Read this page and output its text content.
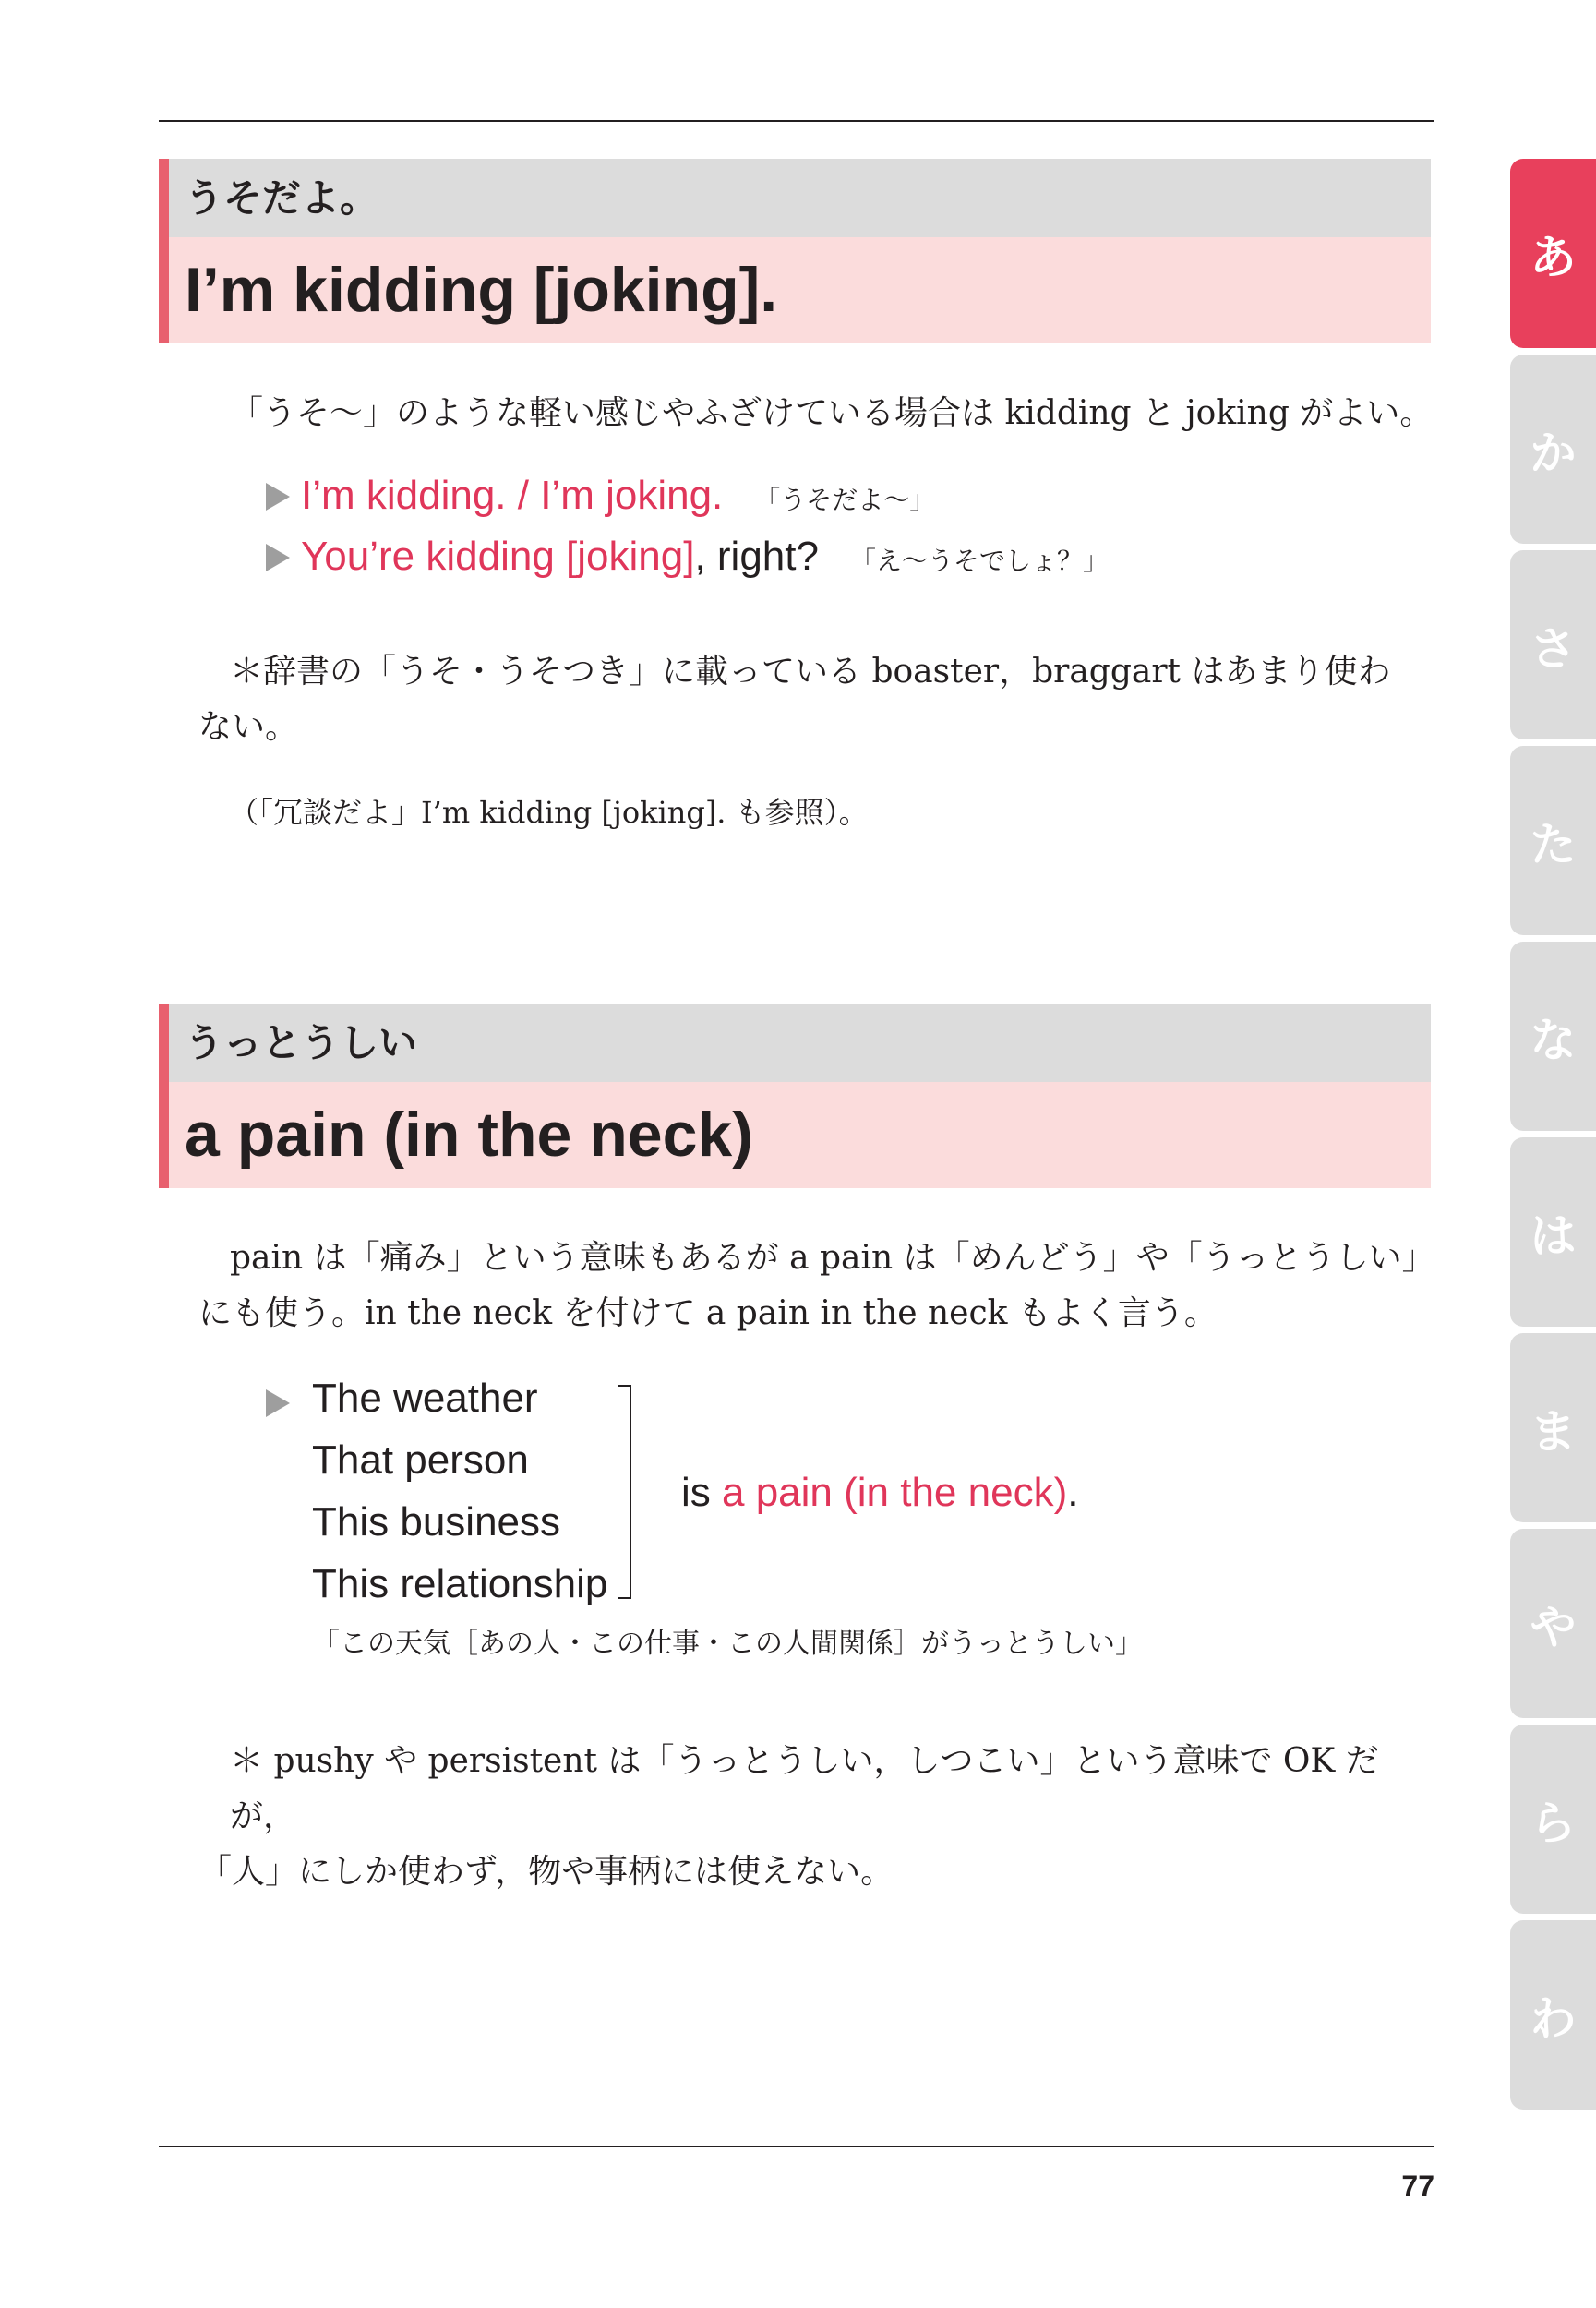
うそだよ。
I’m kidding [joking].
「うそ～」のような軽い感じやふざけている場合は kidding と joking がよい。
I’m kidding. / I’m joking. 「うそだよ～」
You’re kidding [joking], right? 「え～うそでしょ？」
＊辞書の「うそ・うそつき」に載っている boaster，braggart はあまり使わ
ない。
（「冗談だよ」I’m kidding [joking]. も参照）。
うっとうしい
a pain (in the neck)
pain は「痛み」という意味もあるが a pain は「めんどう」や「うっとうしい」
にも使う。in the neck を付けて a pain in the neck もよく言う。
The weather
That person
This business
This relationship
is a pain (in the neck).
「この天気［あの人・この仕事・この人間関係］がうっとうしい」
＊ pushy や persistent は「うっとうしい，しつこい」という意味で OK だが，
「人」にしか使わず，物や事柄には使えない。
あ
か
さ
た
な
は
ま
や
ら
わ
77
